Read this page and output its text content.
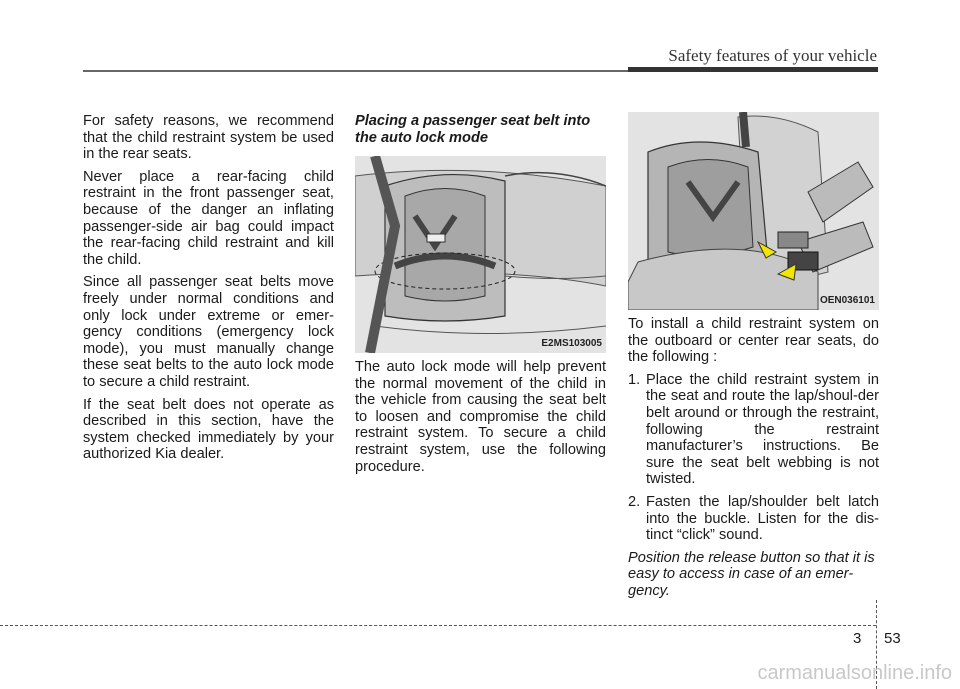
Safety features of your vehicle

For safety reasons, we recommend that the child restraint system be used in the rear seats.

Never place a rear-facing child restraint in the front passenger seat, because of the danger an inflating passenger-side air bag could impact the rear-facing child restraint and kill the child.

Since all passenger seat belts move freely under normal conditions and only lock under extreme or emer-gency conditions (emergency lock mode), you must manually change these seat belts to the auto lock mode to secure a child restraint.

If the seat belt does not operate as described in this section, have the system checked immediately by your authorized Kia dealer.

Placing a passenger seat belt into the auto lock mode

E2MS103005

The auto lock mode will help prevent the normal movement of the child in the vehicle from causing the seat belt to loosen and compromise the child restraint system. To secure a child restraint system, use the following procedure.

OEN036101

To install a child restraint system on the outboard or center rear seats, do the following :

1. Place the child restraint system in the seat and route the lap/shoul-der belt around or through the restraint, following the restraint manufacturer’s instructions. Be sure the seat belt webbing is not twisted.
2. Fasten the lap/shoulder belt latch into the buckle. Listen for the dis-tinct “click” sound.

Position the release button so that it is easy to access in case of an emer-gency.

3 53
carmanualsonline.info
